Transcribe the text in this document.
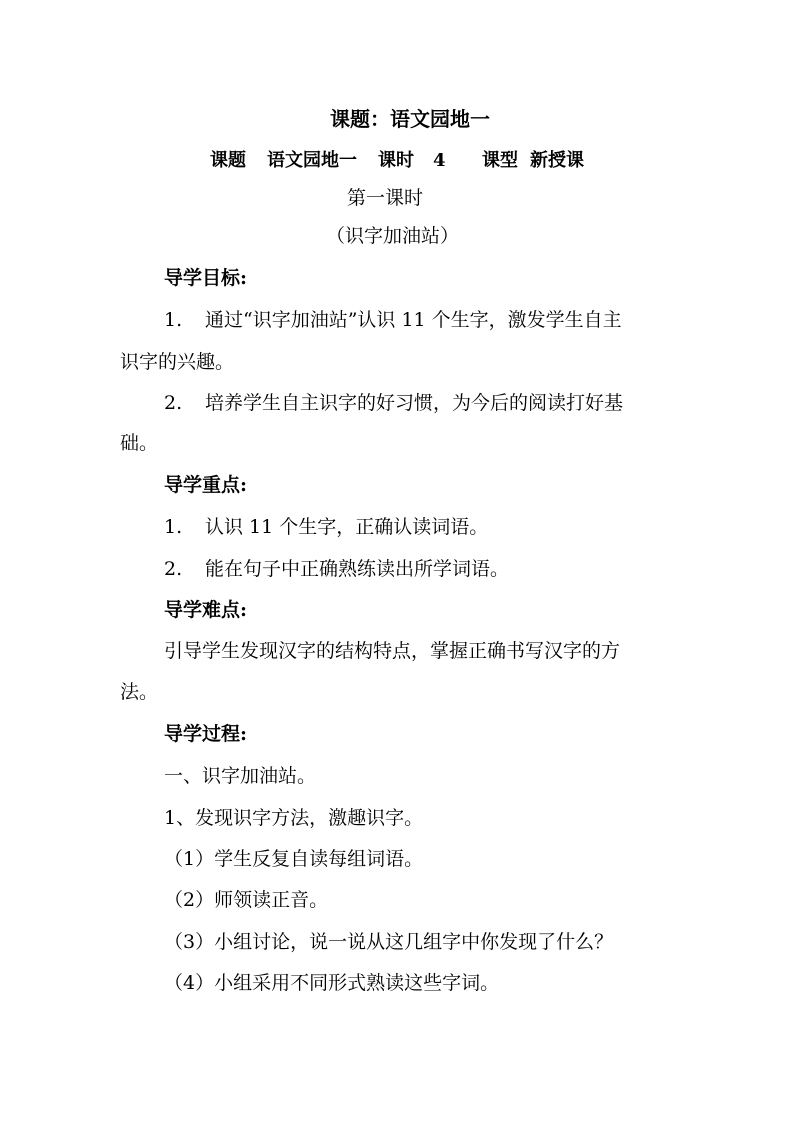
课题：语文园地一
课题 语文园地一 课时 4 课型 新授课
第一课时
（识字加油站）
导学目标:
1. 通过“识字加油站”认识 11 个生字，激发学生自主
识字的兴趣。
2. 培养学生自主识字的好习惯，为今后的阅读打好基
础。
导学重点:
1. 认识 11 个生字，正确认读词语。
2. 能在句子中正确熟练读出所学词语。
导学难点:
引导学生发现汉字的结构特点，掌握正确书写汉字的方
法。
导学过程:
一、识字加油站。
1、发现识字方法，激趣识字。
（1）学生反复自读每组词语。
（2）师领读正音。
（3）小组讨论，说一说从这几组字中你发现了什么？
（4）小组采用不同形式熟读这些字词。
